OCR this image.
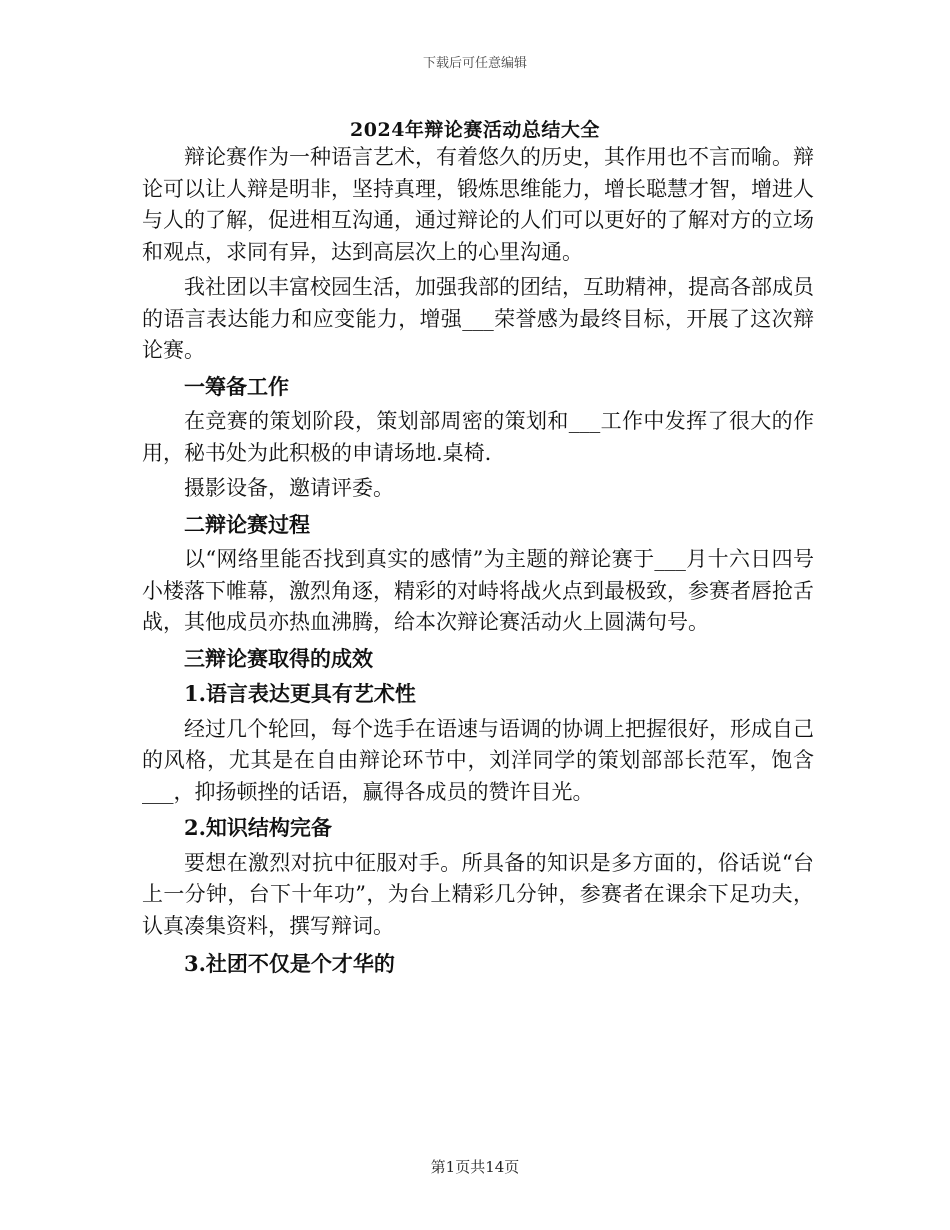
下载后可任意编辑
2024年辩论赛活动总结大全

辩论赛作为一种语言艺术，有着悠久的历史，其作用也不言而喻。辩论可以让人辩是明非，坚持真理，锻炼思维能力，增长聪慧才智，增进人与人的了解，促进相互沟通，通过辩论的人们可以更好的了解对方的立场和观点，求同有异，达到高层次上的心里沟通。

我社团以丰富校园生活，加强我部的团结，互助精神，提高各部成员的语言表达能力和应变能力，增强___荣誉感为最终目标，开展了这次辩论赛。

一筹备工作

在竞赛的策划阶段，策划部周密的策划和___工作中发挥了很大的作用，秘书处为此积极的申请场地.桌椅.

摄影设备，邀请评委。

二辩论赛过程

以“网络里能否找到真实的感情”为主题的辩论赛于___月十六日四号小楼落下帷幕，激烈角逐，精彩的对峙将战火点到最极致，参赛者唇抢舌战，其他成员亦热血沸腾，给本次辩论赛活动火上圆满句号。

三辩论赛取得的成效
1.语言表达更具有艺术性

经过几个轮回，每个选手在语速与语调的协调上把握很好，形成自己的风格，尤其是在自由辩论环节中，刘洋同学的策划部部长范军，饱含___，抑扬顿挫的话语，赢得各成员的赞许目光。

2.知识结构完备

要想在激烈对抗中征服对手。所具备的知识是多方面的，俗话说“台上一分钟，台下十年功”，为台上精彩几分钟，参赛者在课余下足功夫，认真凑集资料，撰写辩词。

3.社团不仅是个才华的
第1页共14页
